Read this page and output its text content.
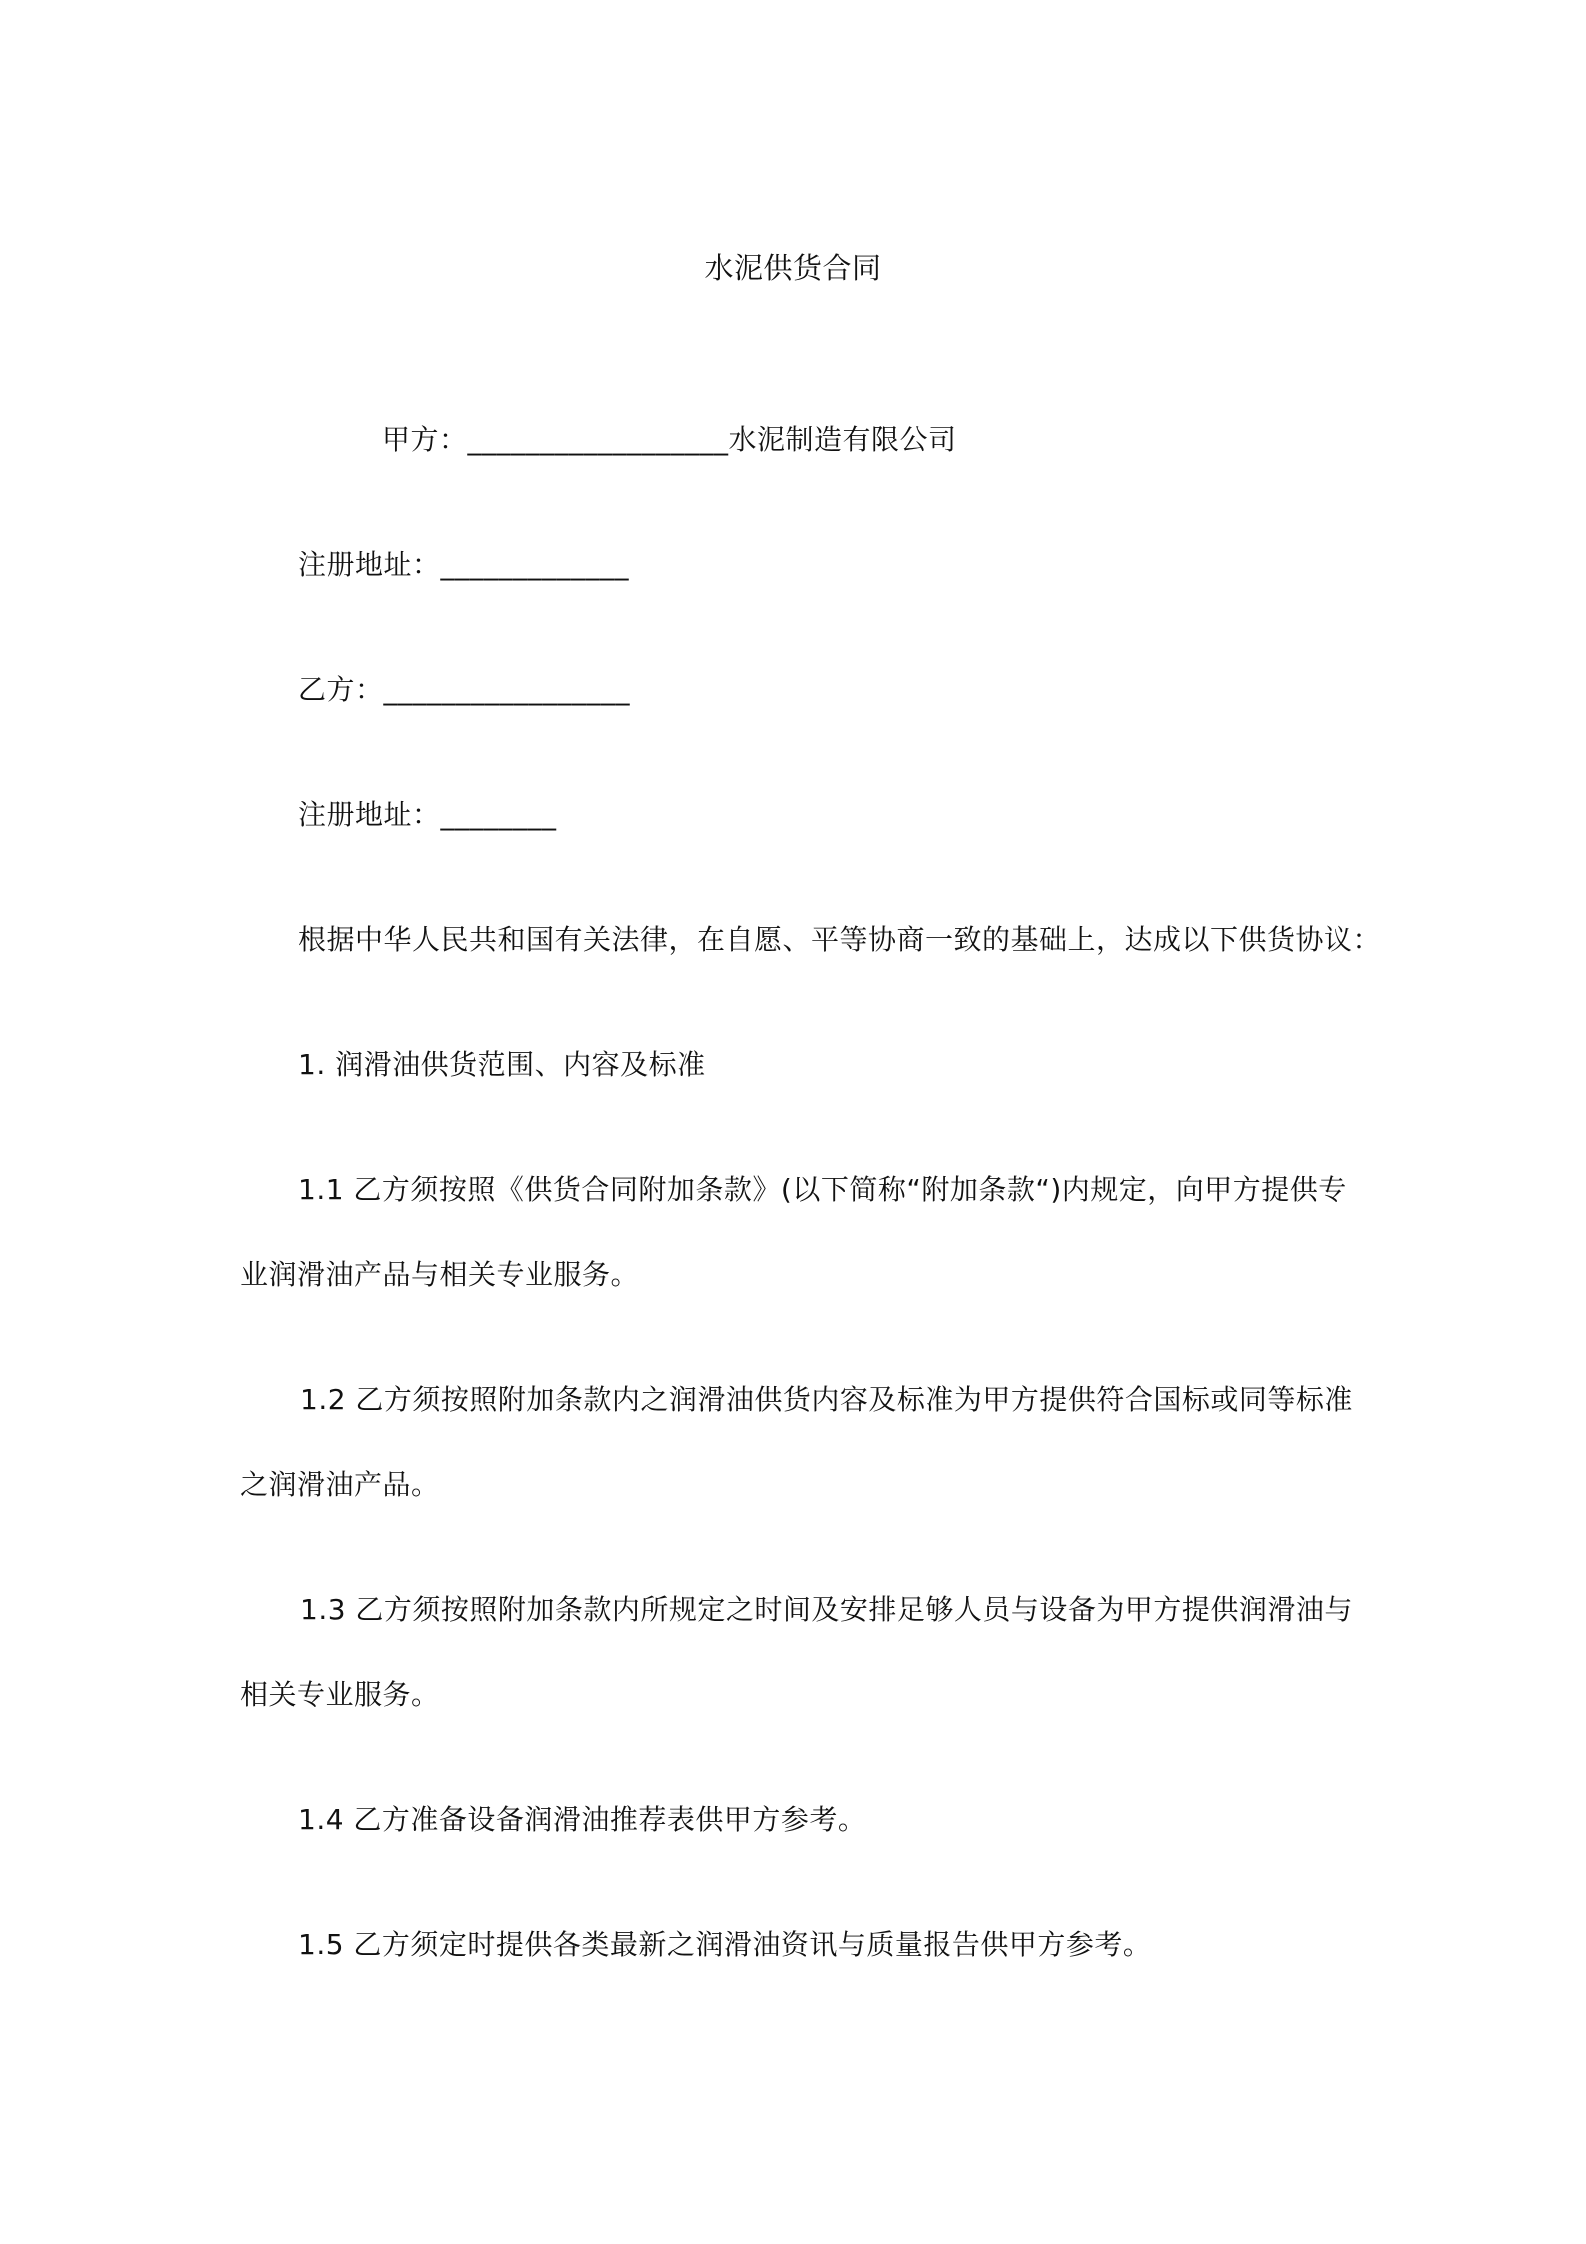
水泥供货合同
甲方：__________________水泥制造有限公司
注册地址：_____________
乙方：_________________
注册地址：________
根据中华人民共和国有关法律，在自愿、平等协商一致的基础上，达成以下供货协议：
1. 润滑油供货范围、内容及标准
1.1 乙方须按照《供货合同附加条款》(以下简称“附加条款“)内规定，向甲方提供专
业润滑油产品与相关专业服务。
1.2 乙方须按照附加条款内之润滑油供货内容及标准为甲方提供符合国标或同等标准
之润滑油产品。
1.3 乙方须按照附加条款内所规定之时间及安排足够人员与设备为甲方提供润滑油与
相关专业服务。
1.4 乙方准备设备润滑油推荐表供甲方参考。
1.5 乙方须定时提供各类最新之润滑油资讯与质量报告供甲方参考。
